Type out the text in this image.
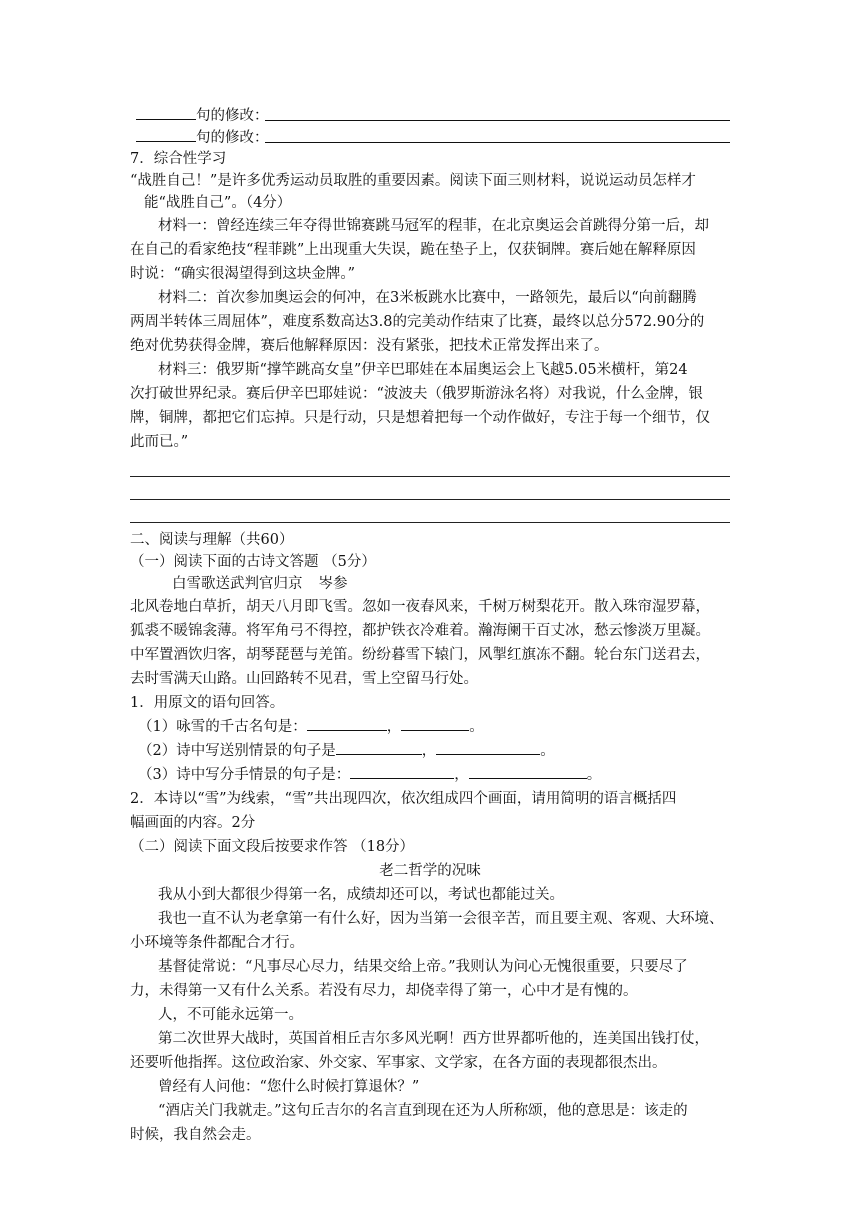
句的修改：
句的修改：
7．综合性学习
“战胜自己！”是许多优秀运动员取胜的重要因素。阅读下面三则材料，说说运动员怎样才
能“战胜自己”。（4分）
材料一：曾经连续三年夺得世锦赛跳马冠军的程菲，在北京奥运会首跳得分第一后，却
在自己的看家绝技“程菲跳”上出现重大失误，跪在垫子上，仅获铜牌。赛后她在解释原因
时说：“确实很渴望得到这块金牌。”
材料二：首次参加奥运会的何冲，在3米板跳水比赛中，一路领先，最后以“向前翻腾
两周半转体三周屈体”，难度系数高达3.8的完美动作结束了比赛，最终以总分572.90分的
绝对优势获得金牌，赛后他解释原因：没有紧张，把技术正常发挥出来了。
材料三：俄罗斯“撑竿跳高女皇”伊辛巴耶娃在本届奥运会上飞越5.05米横杆，第24
次打破世界纪录。赛后伊辛巴耶娃说：“波波夫（俄罗斯游泳名将）对我说，什么金牌，银
牌，铜牌，都把它们忘掉。只是行动，只是想着把每一个动作做好，专注于每一个细节，仅
此而已。”
二、阅读与理解（共60）
（一）阅读下面的古诗文答题 （5分）
白雪歌送武判官归京 岑参
北风卷地白草折，胡天八月即飞雪。忽如一夜春风来，千树万树梨花开。散入珠帘湿罗幕，
狐裘不暖锦衾薄。将军角弓不得控，都护铁衣冷难着。瀚海阑干百丈冰，愁云惨淡万里凝。
中军置酒饮归客，胡琴琵琶与羌笛。纷纷暮雪下辕门，风掣红旗冻不翻。轮台东门送君去，
去时雪满天山路。山回路转不见君，雪上空留马行处。
1．用原文的语句回答。
（1）咏雪的千古名句是：	，	。
（2）诗中写送别情景的句子是	，	。
（3）诗中写分手情景的句子是：	，	。
2．本诗以“雪”为线索，“雪”共出现四次，依次组成四个画面，请用简明的语言概括四
幅画面的内容。2分
（二）阅读下面文段后按要求作答 （18分）
老二哲学的况味
我从小到大都很少得第一名，成绩却还可以，考试也都能过关。
我也一直不认为老拿第一有什么好，因为当第一会很辛苦，而且要主观、客观、大环境、
小环境等条件都配合才行。
基督徒常说：“凡事尽心尽力，结果交给上帝。”我则认为问心无愧很重要，只要尽了
力，未得第一又有什么关系。若没有尽力，却侥幸得了第一，心中才是有愧的。
人，不可能永远第一。
第二次世界大战时，英国首相丘吉尔多风光啊！西方世界都听他的，连美国出钱打仗，
还要听他指挥。这位政治家、外交家、军事家、文学家，在各方面的表现都很杰出。
曾经有人问他：“您什么时候打算退休？”
“酒店关门我就走。”这句丘吉尔的名言直到现在还为人所称颂，他的意思是：该走的
时候，我自然会走。
